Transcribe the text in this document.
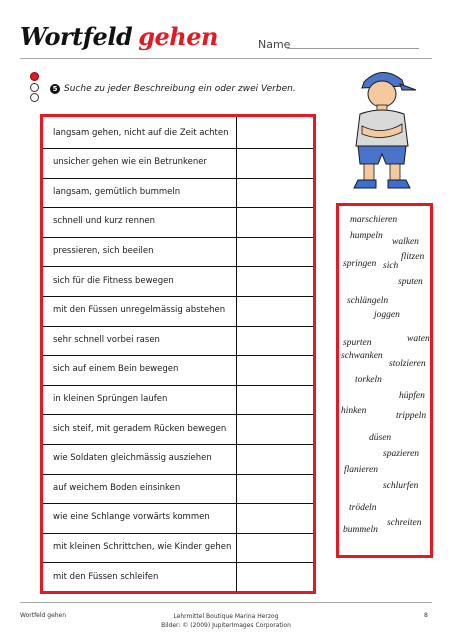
Wortfeld gehen	Name
5 Suche zu jeder Beschreibung ein oder zwei Verben.
langsam gehen, nicht auf die Zeit achten
unsicher gehen wie ein Betrunkener
langsam, gemütlich bummeln
schnell und kurz rennen
pressieren, sich beeilen
sich für die Fitness bewegen
mit den Füssen unregelmässig abstehen
sehr schnell vorbei rasen
sich auf einem Bein bewegen
in kleinen Sprüngen laufen
sich steif, mit geradem Rücken bewegen
wie Soldaten gleichmässig ausziehen
auf weichem Boden einsinken
wie eine Schlange vorwärts kommen
mit kleinen Schrittchen, wie Kinder gehen
mit den Füssen schleifen
marschieren
humpeln
walken
flitzen
springen sich
sputen
schlängeln
joggen
spurten	waten
schwanken
stolzieren
torkeln
hüpfen
hinken	trippeln
düsen
spazieren
flanieren
schlurfen
trödeln
schreiten
bummeln
Wortfeld gehen	Lehrmittel Boutique Marina Herzog
Bilder: © (2009) JupiterImages Corporation
8
